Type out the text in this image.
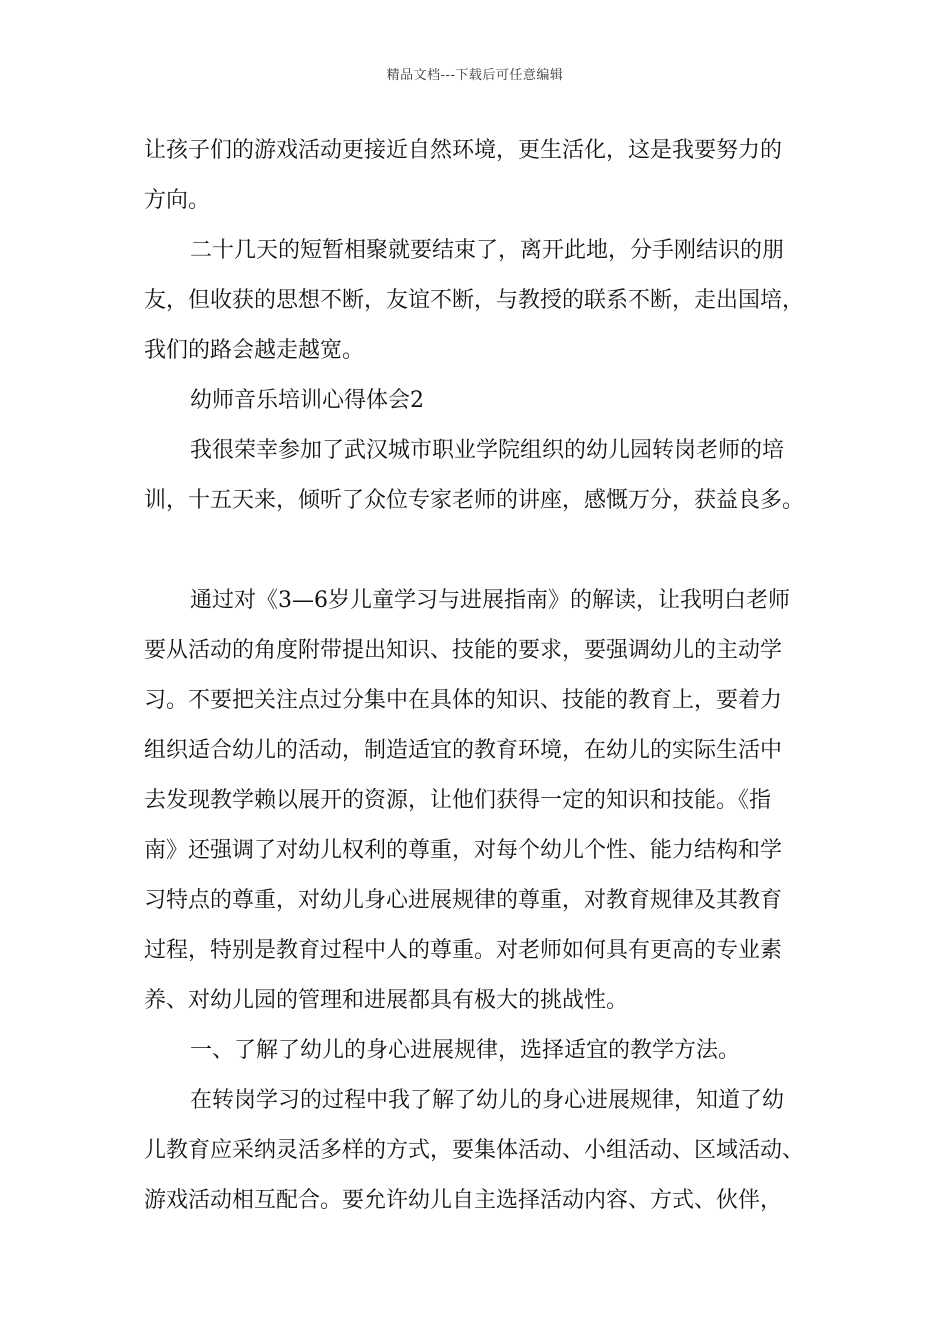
精品文档---下载后可任意编辑

让孩子们的游戏活动更接近自然环境，更生活化，这是我要努力的
方向。

二十几天的短暂相聚就要结束了，离开此地，分手刚结识的朋
友，但收获的思想不断，友谊不断，与教授的联系不断，走出国培，
我们的路会越走越宽。

幼师音乐培训心得体会2

我很荣幸参加了武汉城市职业学院组织的幼儿园转岗老师的培
训，十五天来，倾听了众位专家老师的讲座，感慨万分，获益良多。

通过对《3—6岁儿童学习与进展指南》的解读，让我明白老师
要从活动的角度附带提出知识、技能的要求，要强调幼儿的主动学
习。不要把关注点过分集中在具体的知识、技能的教育上，要着力
组织适合幼儿的活动，制造适宜的教育环境，在幼儿的实际生活中
去发现教学赖以展开的资源，让他们获得一定的知识和技能。《指
南》还强调了对幼儿权利的尊重，对每个幼儿个性、能力结构和学
习特点的尊重，对幼儿身心进展规律的尊重，对教育规律及其教育
过程，特别是教育过程中人的尊重。对老师如何具有更高的专业素
养、对幼儿园的管理和进展都具有极大的挑战性。

一、了解了幼儿的身心进展规律，选择适宜的教学方法。

在转岗学习的过程中我了解了幼儿的身心进展规律，知道了幼
儿教育应采纳灵活多样的方式，要集体活动、小组活动、区域活动、
游戏活动相互配合。要允许幼儿自主选择活动内容、方式、伙伴，
